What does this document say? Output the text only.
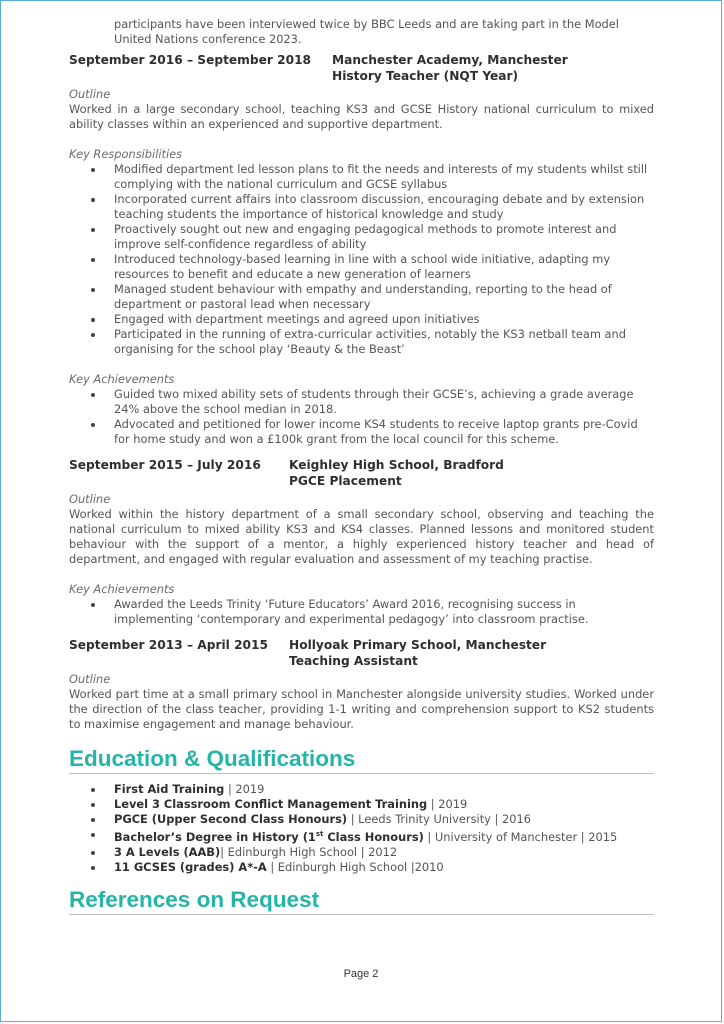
participants have been interviewed twice by BBC Leeds and are taking part in the Model
United Nations conference 2023.
September 2016 – September 2018	Manchester Academy, Manchester
History Teacher (NQT Year)
Outline
Worked in a large secondary school, teaching KS3 and GCSE History national curriculum to mixed ability classes within an experienced and supportive department.
Key Responsibilities
Modified department led lesson plans to fit the needs and interests of my students whilst still complying with the national curriculum and GCSE syllabus
Incorporated current affairs into classroom discussion, encouraging debate and by extension teaching students the importance of historical knowledge and study
Proactively sought out new and engaging pedagogical methods to promote interest and improve self-confidence regardless of ability
Introduced technology-based learning in line with a school wide initiative, adapting my resources to benefit and educate a new generation of learners
Managed student behaviour with empathy and understanding, reporting to the head of department or pastoral lead when necessary
Engaged with department meetings and agreed upon initiatives
Participated in the running of extra-curricular activities, notably the KS3 netball team and organising for the school play ‘Beauty & the Beast’
Key Achievements
Guided two mixed ability sets of students through their GCSE’s, achieving a grade average 24% above the school median in 2018.
Advocated and petitioned for lower income KS4 students to receive laptop grants pre-Covid for home study and won a £100k grant from the local council for this scheme.
September 2015 – July 2016	Keighley High School, Bradford
PGCE Placement
Outline
Worked within the history department of a small secondary school, observing and teaching the national curriculum to mixed ability KS3 and KS4 classes. Planned lessons and monitored student behaviour with the support of a mentor, a highly experienced history teacher and head of department, and engaged with regular evaluation and assessment of my teaching practise.
Key Achievements
Awarded the Leeds Trinity ‘Future Educators’ Award 2016, recognising success in implementing ‘contemporary and experimental pedagogy’ into classroom practise.
September 2013 – April 2015	Hollyoak Primary School, Manchester
Teaching Assistant
Outline
Worked part time at a small primary school in Manchester alongside university studies. Worked under the direction of the class teacher, providing 1-1 writing and comprehension support to KS2 students to maximise engagement and manage behaviour.
Education & Qualifications
First Aid Training | 2019
Level 3 Classroom Conflict Management Training | 2019
PGCE (Upper Second Class Honours) | Leeds Trinity University | 2016
Bachelor’s Degree in History (1st Class Honours) | University of Manchester | 2015
3 A Levels (AAB)| Edinburgh High School | 2012
11 GCSES (grades) A*-A | Edinburgh High School |2010
References on Request
Page 2
